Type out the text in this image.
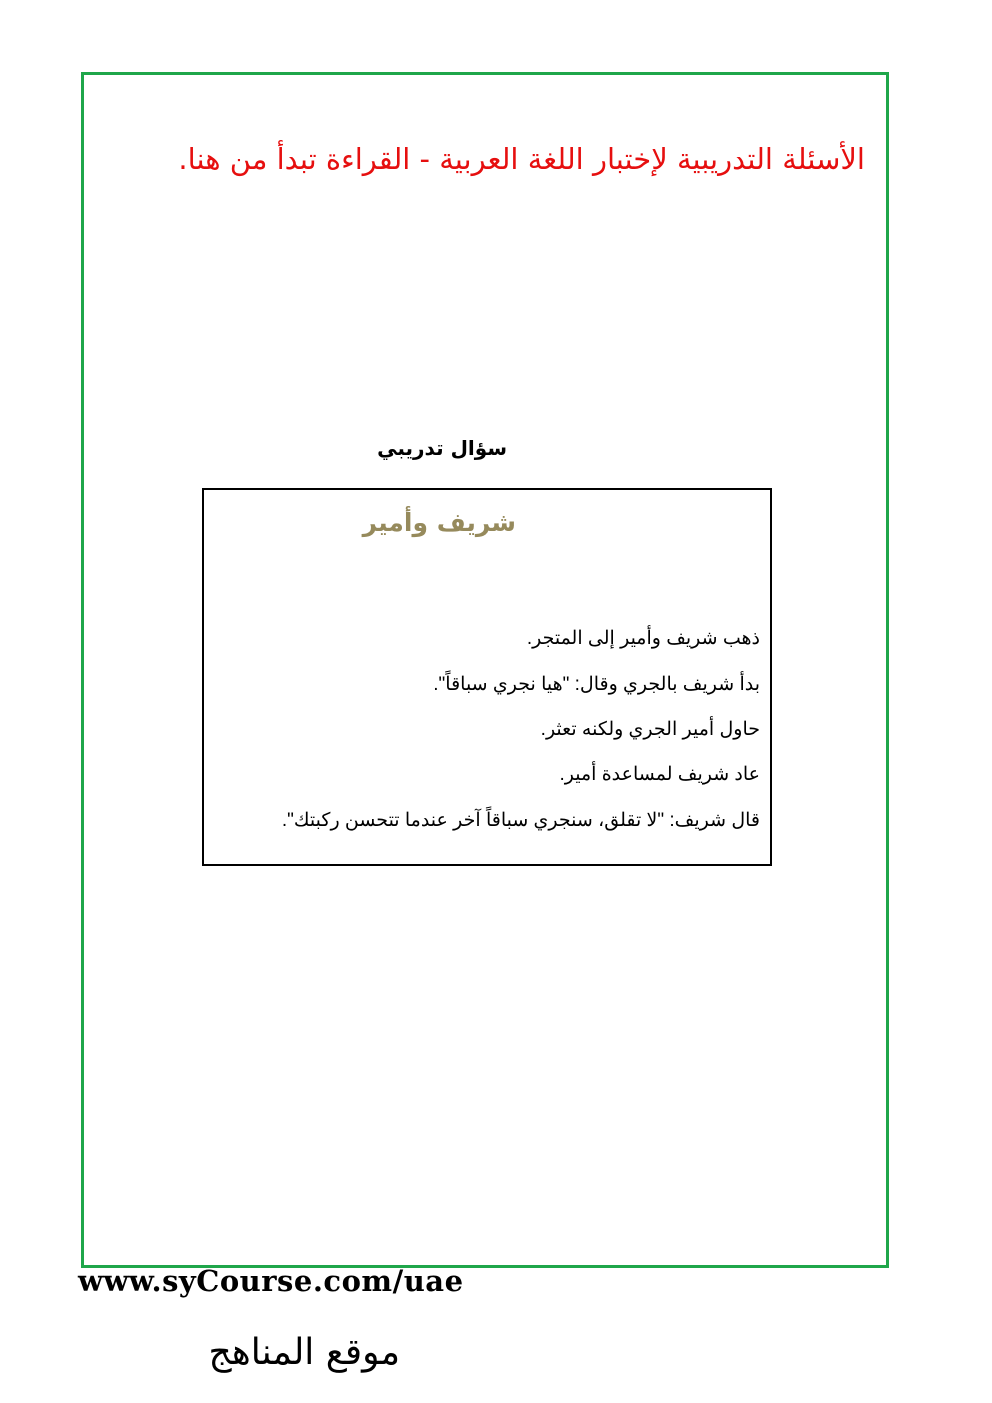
الأسئلة التدريبية لإختبار اللغة العربية - القراءة تبدأ من هنا.
سؤال تدريبي
شريف وأمير
ذهب شريف وأمير إلى المتجر.
بدأ شريف بالجري وقال: "هيا نجري سباقاً".
حاول أمير الجري ولكنه تعثر.
عاد شريف لمساعدة أمير.
قال شريف: "لا تقلق، سنجري سباقاً آخر عندما تتحسن ركبتك".
www.syCourse.com/uae
موقع المناهج
